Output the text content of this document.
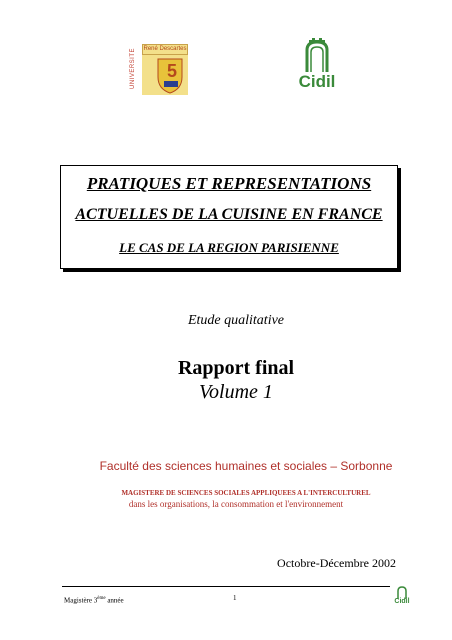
UNIVERSITÉ	René Descartes
5
Cidil
PRATIQUES ET REPRESENTATIONS
ACTUELLES DE LA CUISINE EN FRANCE
LE CAS DE LA REGION PARISIENNE
Etude qualitative
Rapport final
Volume 1
Faculté des sciences humaines et sociales – Sorbonne
MAGISTERE DE SCIENCES SOCIALES APPLIQUEES A L'INTERCULTUREL
dans les organisations, la consommation et l'environnement
Octobre-Décembre 2002
Magistère 3ème année	1	Cidil
